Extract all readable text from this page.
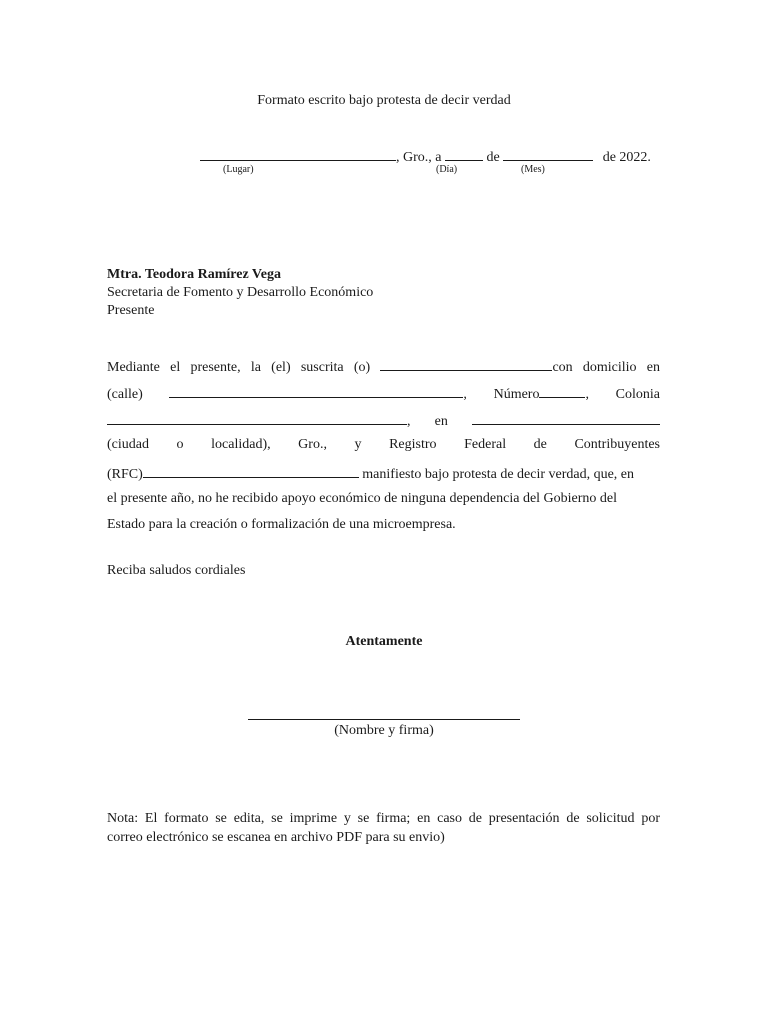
Formato escrito bajo protesta de decir verdad
, Gro., a	de	de 2022.
(Lugar)	(Día)	(Mes)
Mtra. Teodora Ramírez Vega
Secretaria de Fomento y Desarrollo Económico
Presente
Mediante el presente, la (el) suscrita (o)	con domicilio en
(calle)	, Número	, Colonia
, en
(ciudad o localidad), Gro., y Registro Federal de Contribuyentes
(RFC)	manifiesto bajo protesta de decir verdad, que, en
el presente año, no he recibido apoyo económico de ninguna dependencia del Gobierno del
Estado para la creación o formalización de una microempresa.
Reciba saludos cordiales
Atentamente
(Nombre y firma)
Nota: El formato se edita, se imprime y se firma; en caso de presentación de solicitud por
correo electrónico se escanea en archivo PDF para su envio)
